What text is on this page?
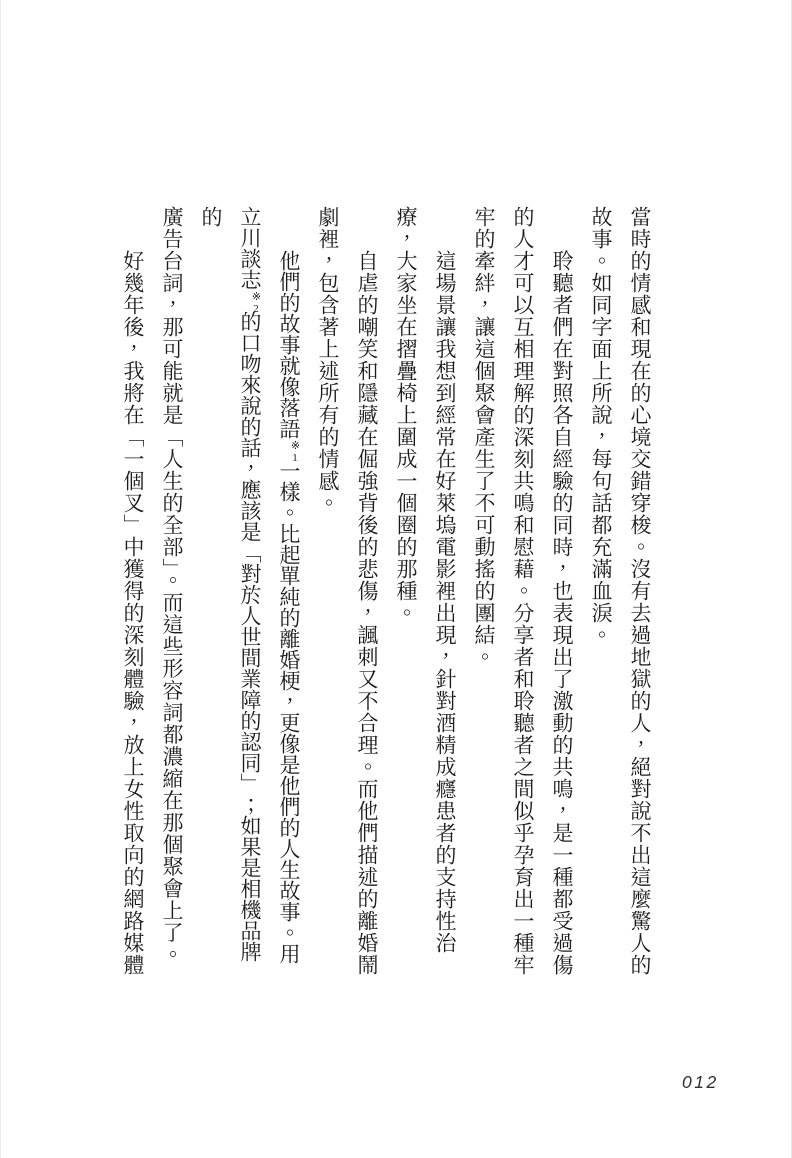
當時的情感和現在的心境交錯穿梭。沒有去過地獄的人，絕對說不出這麼驚人的
故事。如同字面上所說，每句話都充滿血淚。
聆聽者們在對照各自經驗的同時，也表現出了激動的共鳴，是一種都受過傷
的人才可以互相理解的深刻共鳴和慰藉。分享者和聆聽者之間似乎孕育出一種牢
牢的牽絆，讓這個聚會產生了不可動搖的團結。
這場景讓我想到經常在好萊塢電影裡出現，針對酒精成癮患者的支持性治
療，大家坐在摺疊椅上圍成一個圈的那種。
自虐的嘲笑和隱藏在倔強背後的悲傷，諷刺又不合理。而他們描述的離婚鬧
劇裡，包含著上述所有的情感。
他們的故事就像落語※1一樣。比起單純的離婚梗，更像是他們的人生故事。用
立川談志※2的口吻來說的話，應該是「對於人世間業障的認同」；如果是相機品牌的
廣告台詞，那可能就是「人生的全部」。而這些形容詞都濃縮在那個聚會上了。
好幾年後，我將在「一個叉」中獲得的深刻體驗，放上女性取向的網路媒體
012
